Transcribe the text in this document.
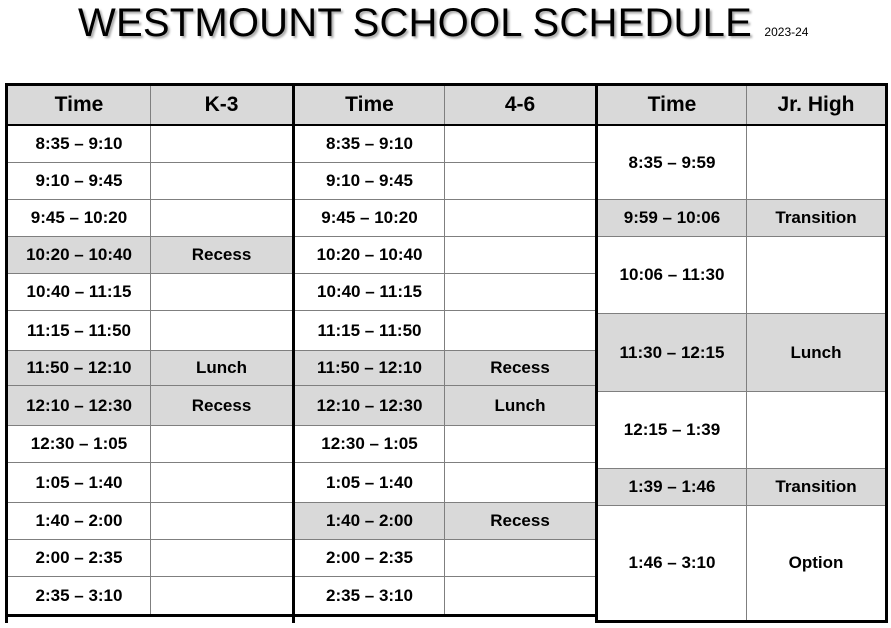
WESTMOUNT SCHOOL SCHEDULE 2023-24
Time	K-3
8:35 – 9:10
9:10 – 9:45
9:45 – 10:20
10:20 – 10:40	Recess
10:40 – 11:15
11:15 – 11:50
11:50 – 12:10	Lunch
12:10 – 12:30	Recess
12:30 – 1:05
1:05 – 1:40
1:40 – 2:00
2:00 – 2:35
2:35 – 3:10
Time	4-6
8:35 – 9:10
9:10 – 9:45
9:45 – 10:20
10:20 – 10:40
10:40 – 11:15
11:15 – 11:50
11:50 – 12:10	Recess
12:10 – 12:30	Lunch
12:30 – 1:05
1:05 – 1:40
1:40 – 2:00	Recess
2:00 – 2:35
2:35 – 3:10
Time	Jr. High
8:35 – 9:59
9:59 – 10:06	Transition
10:06 – 11:30
11:30 – 12:15	Lunch
12:15 – 1:39
1:39 – 1:46	Transition
1:46 – 3:10	Option
